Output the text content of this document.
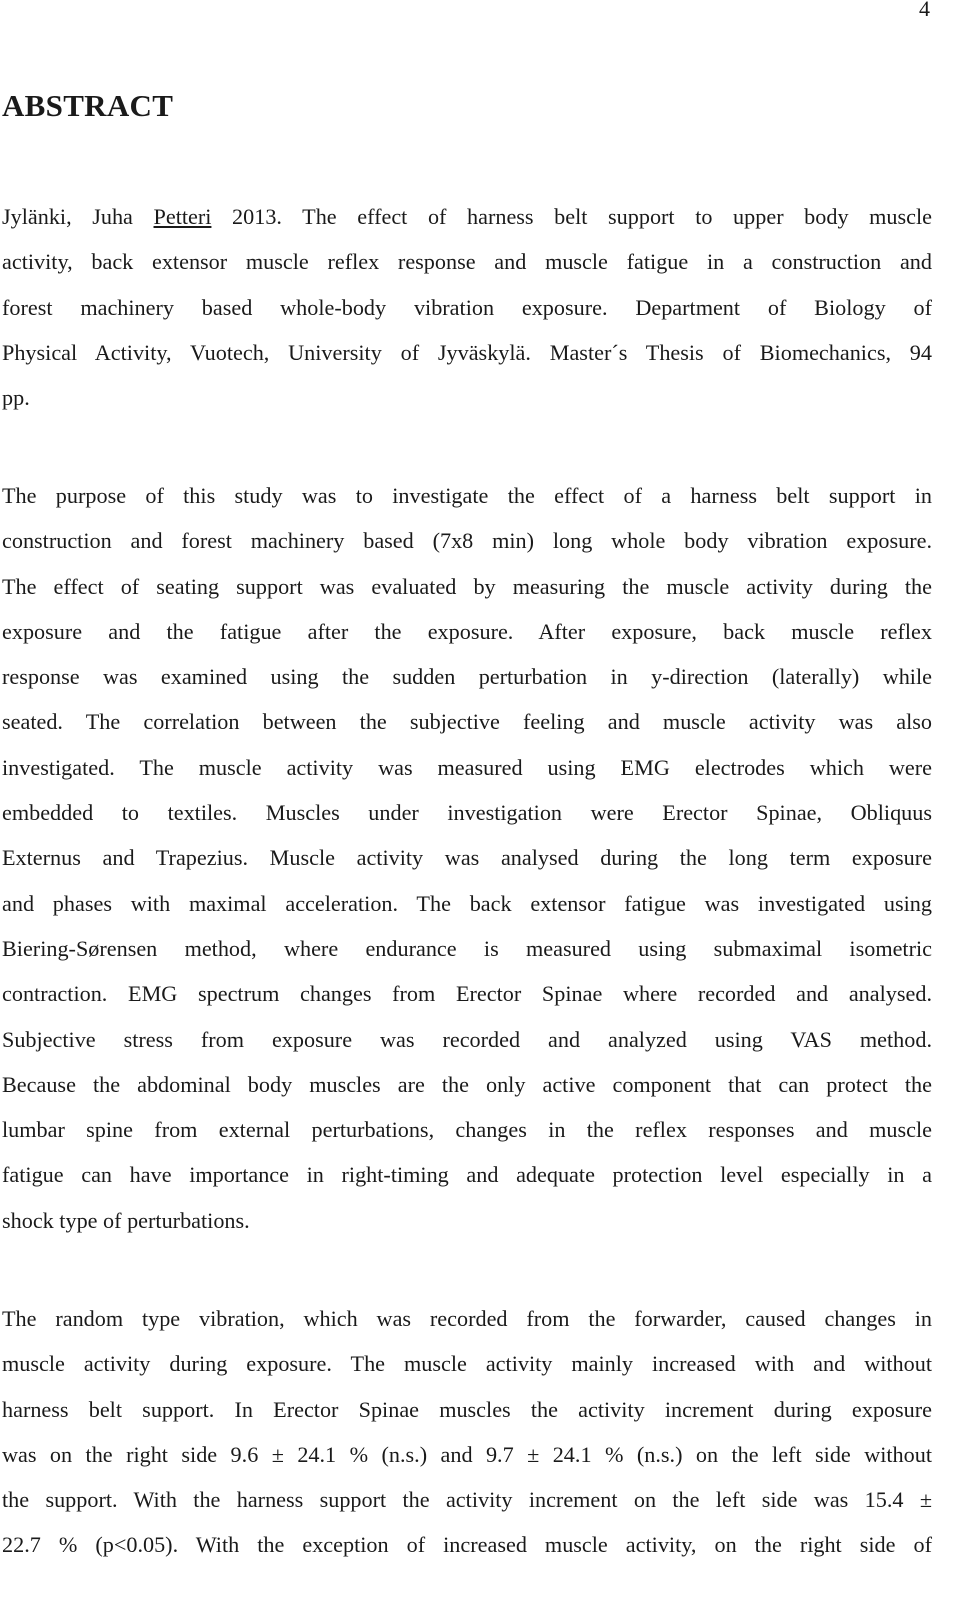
4
ABSTRACT
Jylänki, Juha Petteri 2013. The effect of harness belt support to upper body muscle
activity, back extensor muscle reflex response and muscle fatigue in a construction and
forest machinery based whole-body vibration exposure. Department of Biology of
Physical Activity, Vuotech, University of Jyväskylä. Master´s Thesis of Biomechanics, 94
pp.
The purpose of this study was to investigate the effect of a harness belt support in
construction and forest machinery based (7x8 min) long whole body vibration exposure.
The effect of seating support was evaluated by measuring the muscle activity during the
exposure and the fatigue after the exposure. After exposure, back muscle reflex
response was examined using the sudden perturbation in y-direction (laterally) while
seated. The correlation between the subjective feeling and muscle activity was also
investigated. The muscle activity was measured using EMG electrodes which were
embedded to textiles. Muscles under investigation were Erector Spinae, Obliquus
Externus and Trapezius. Muscle activity was analysed during the long term exposure
and phases with maximal acceleration. The back extensor fatigue was investigated using
Biering-Sørensen method, where endurance is measured using submaximal isometric
contraction. EMG spectrum changes from Erector Spinae where recorded and analysed.
Subjective stress from exposure was recorded and analyzed using VAS method.
Because the abdominal body muscles are the only active component that can protect the
lumbar spine from external perturbations, changes in the reflex responses and muscle
fatigue can have importance in right-timing and adequate protection level especially in a
shock type of perturbations.
The random type vibration, which was recorded from the forwarder, caused changes in
muscle activity during exposure. The muscle activity mainly increased with and without
harness belt support. In Erector Spinae muscles the activity increment during exposure
was on the right side 9.6 ± 24.1 % (n.s.) and 9.7 ± 24.1 % (n.s.) on the left side without
the support. With the harness support the activity increment on the left side was 15.4 ±
22.7 % (p<0.05). With the exception of increased muscle activity, on the right side of
